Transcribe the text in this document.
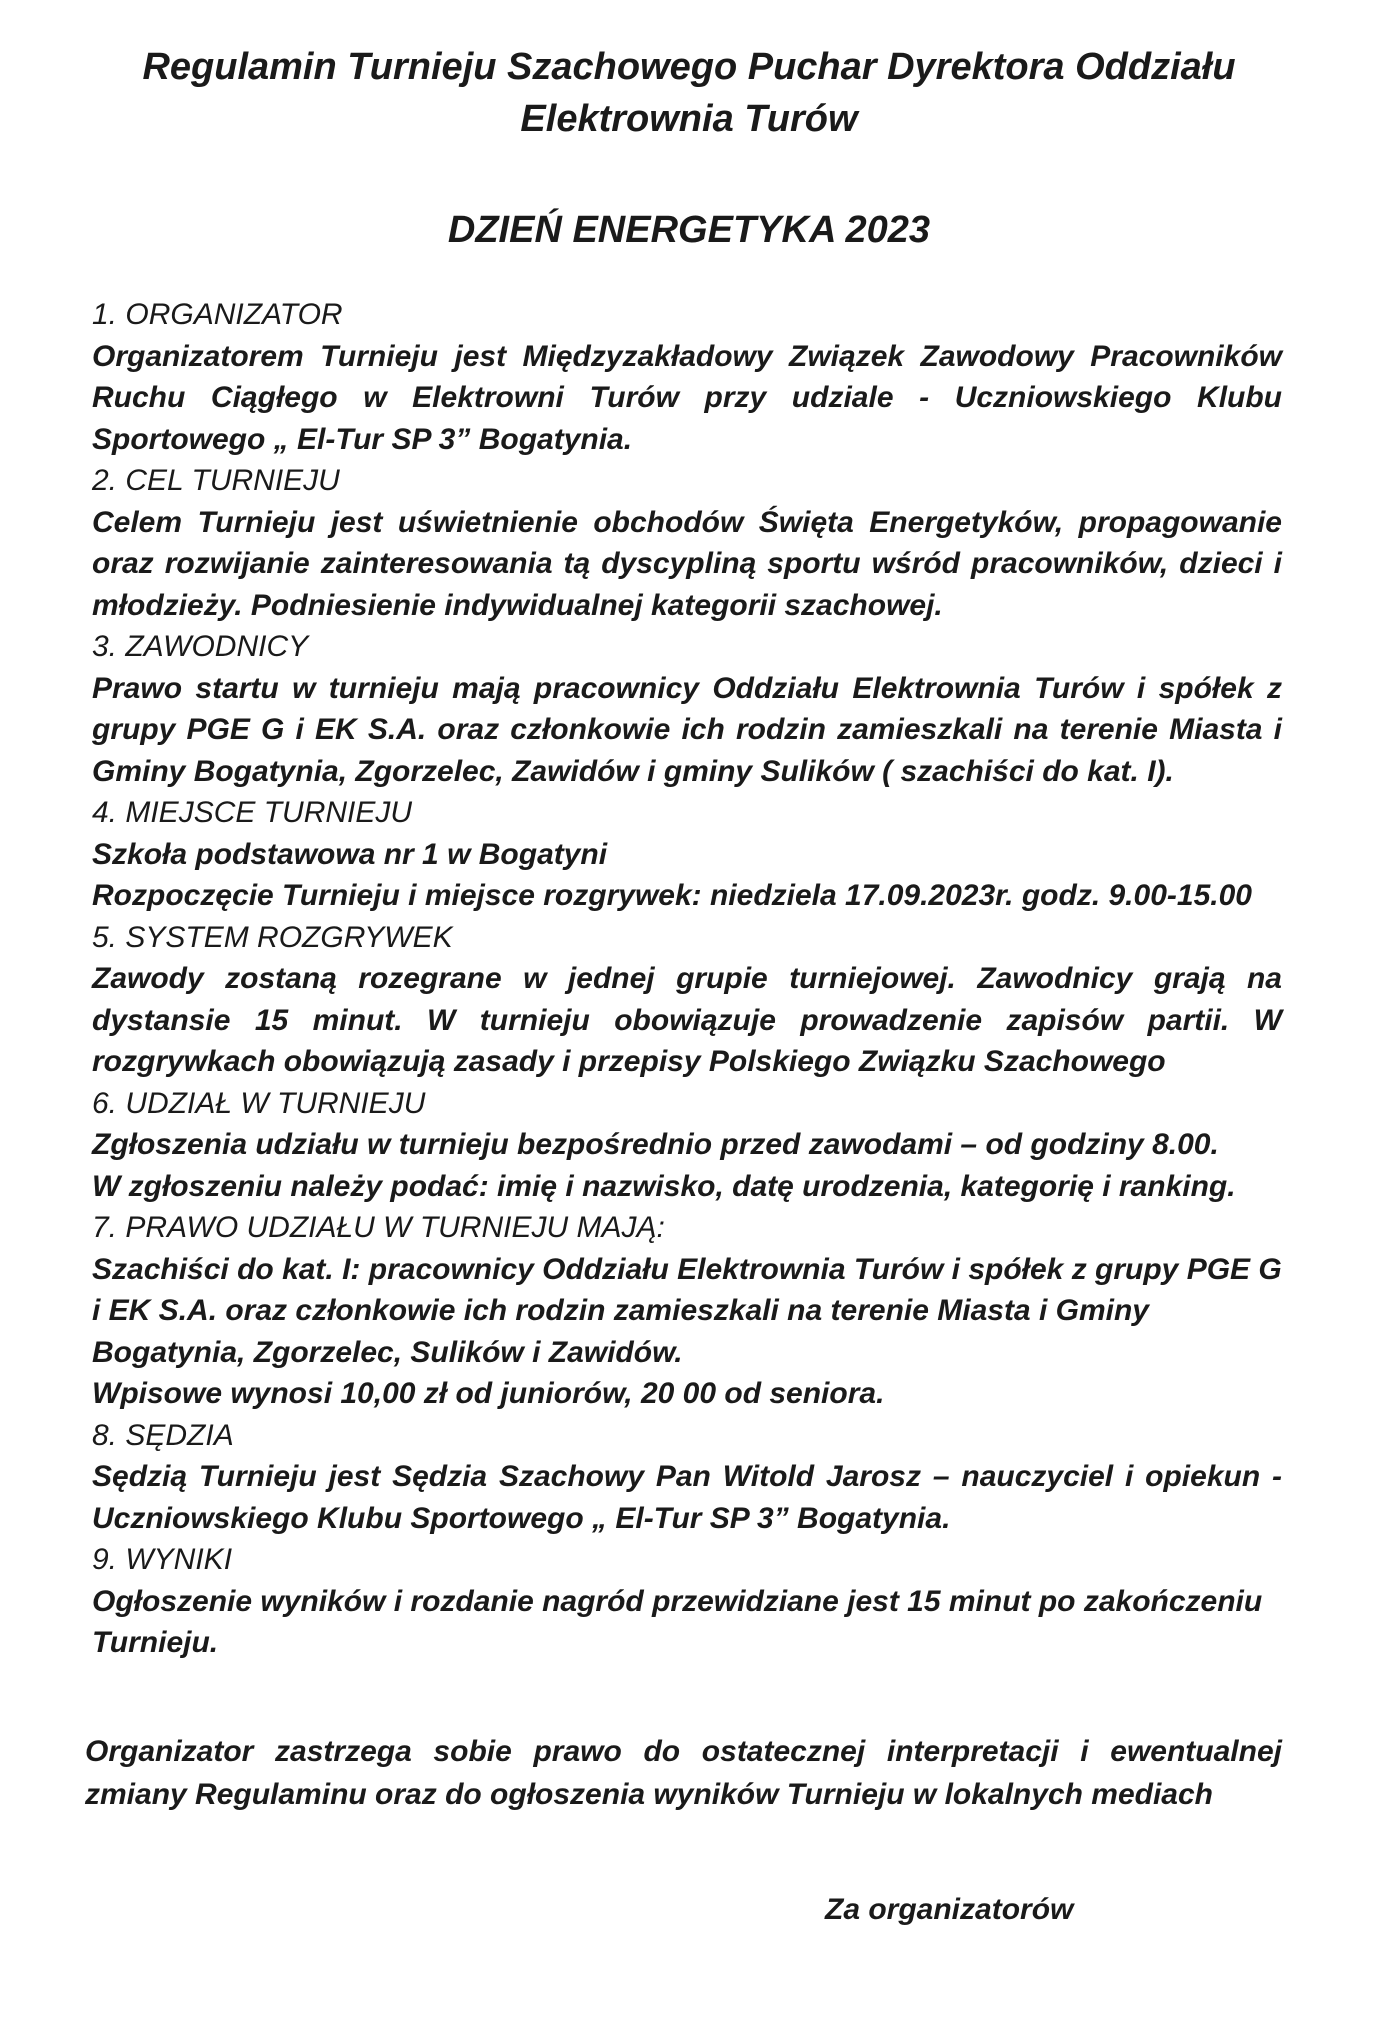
Regulamin Turnieju Szachowego Puchar Dyrektora Oddziału
Elektrownia Turów
DZIEŃ ENERGETYKA 2023

1. ORGANIZATOR

Organizatorem Turnieju jest Międzyzakładowy Związek Zawodowy Pracowników Ruchu Ciągłego w Elektrowni Turów przy udziale - Uczniowskiego Klubu Sportowego „ El-Tur SP 3” Bogatynia.

2. CEL TURNIEJU

Celem Turnieju jest uświetnienie obchodów Święta Energetyków, propagowanie oraz rozwijanie zainteresowania tą dyscypliną sportu wśród pracowników, dzieci i młodzieży. Podniesienie indywidualnej kategorii szachowej.

3. ZAWODNICY

Prawo startu w turnieju mają pracownicy Oddziału Elektrownia Turów i spółek z grupy PGE G i EK S.A. oraz członkowie ich rodzin zamieszkali na terenie Miasta i Gminy Bogatynia, Zgorzelec, Zawidów i gminy Sulików ( szachiści do kat. I).

4. MIEJSCE TURNIEJU

Szkoła podstawowa nr 1 w Bogatyni

Rozpoczęcie Turnieju i miejsce rozgrywek: niedziela 17.09.2023r. godz. 9.00-15.00

5. SYSTEM ROZGRYWEK

Zawody zostaną rozegrane w jednej grupie turniejowej. Zawodnicy grają na dystansie 15 minut. W turnieju obowiązuje prowadzenie zapisów partii. W rozgrywkach obowiązują zasady i przepisy Polskiego Związku Szachowego

6. UDZIAŁ W TURNIEJU

Zgłoszenia udziału w turnieju bezpośrednio przed zawodami – od godziny 8.00.

W zgłoszeniu należy podać: imię i nazwisko, datę urodzenia, kategorię i ranking.

7. PRAWO UDZIAŁU W TURNIEJU MAJĄ:

Szachiści do kat. I: pracownicy Oddziału Elektrownia Turów i spółek z grupy PGE G i EK S.A. oraz członkowie ich rodzin zamieszkali na terenie Miasta i Gminy Bogatynia, Zgorzelec, Sulików i Zawidów.

Wpisowe wynosi 10,00 zł od juniorów, 20 00 od seniora.

8. SĘDZIA

Sędzią Turnieju jest Sędzia Szachowy Pan Witold Jarosz – nauczyciel i opiekun - Uczniowskiego Klubu Sportowego „ El-Tur SP 3” Bogatynia.

9. WYNIKI

Ogłoszenie wyników i rozdanie nagród przewidziane jest 15 minut po zakończeniu Turnieju.

Organizator zastrzega sobie prawo do ostatecznej interpretacji i ewentualnej zmiany Regulaminu oraz do ogłoszenia wyników Turnieju w lokalnych mediach

Za organizatorów
